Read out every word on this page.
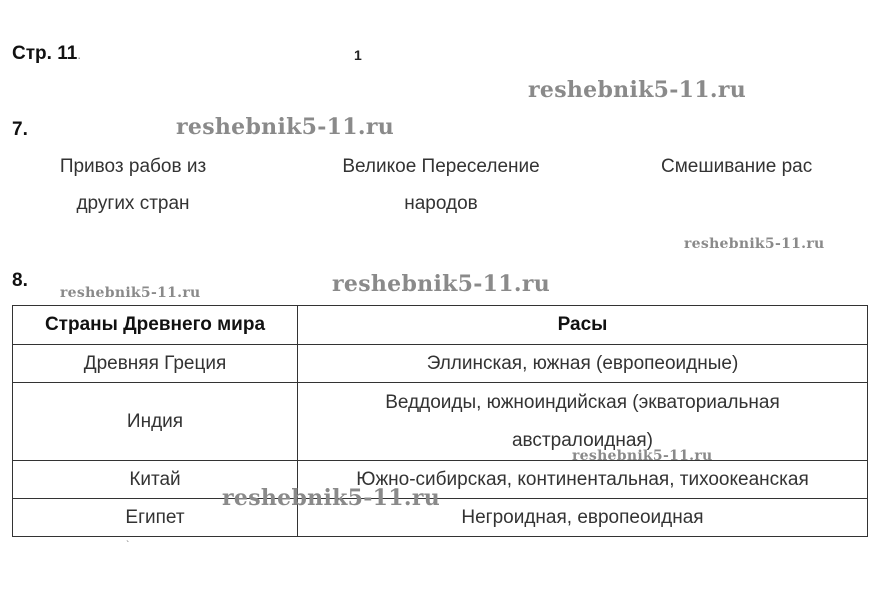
Стр. 11.	1
reshebnik5-11.ru
reshebnik5-11.ru
reshebnik5-11.ru
reshebnik5-11.ru	reshebnik5-11.ru
7.
Привоз рабов из
других стран
Великое Переселение
народов
Смешивание рас
8.
Страны Древнего мира	Расы
Древняя Греция	Эллинская, южная (европеоидные)
Индия	Веддоиды, южноиндийская (экваториальная
австралоидная)

Китай	Южно-сибирская, континентальная, тихоокеанская
Египет	Негроидная, европеоидная
reshebnik5-11.ru
reshebnik5-11.ru
`
